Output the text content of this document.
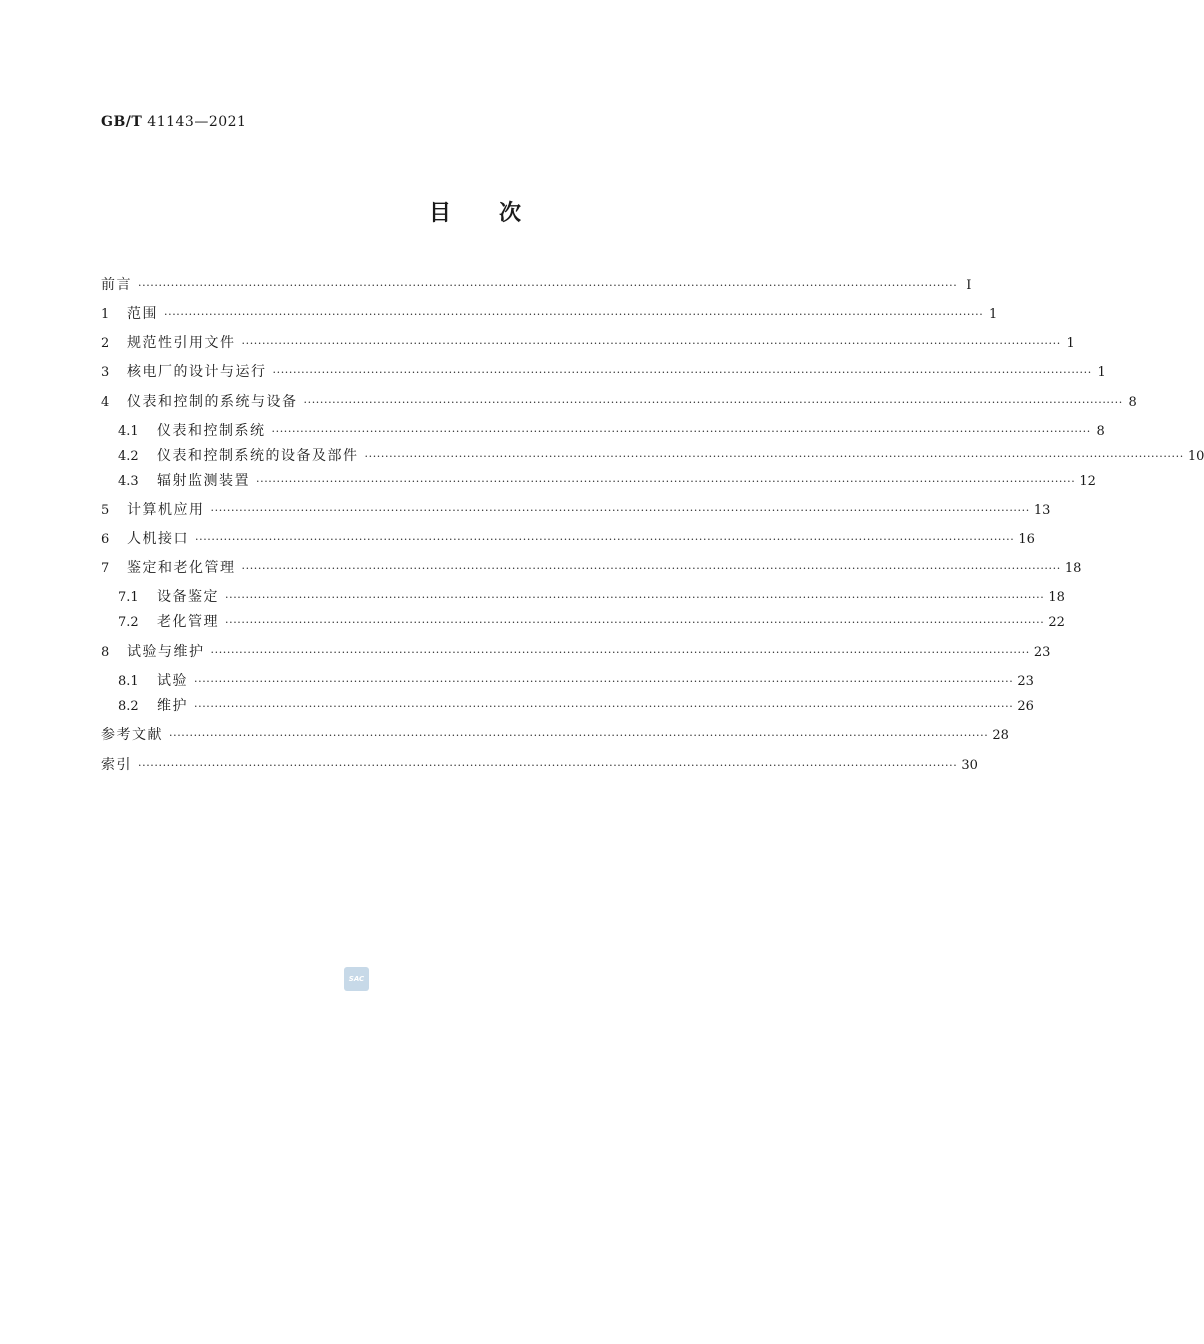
GB/T 41143—2021
目次
前言 ········································································································································································································ Ⅰ
1	范围 ········································································································································································································ 1
2	规范性引用文件 ········································································································································································································ 1
3	核电厂的设计与运行 ········································································································································································································ 1
4	仪表和控制的系统与设备 ········································································································································································································ 8
4.1	仪表和控制系统 ········································································································································································································ 8
4.2	仪表和控制系统的设备及部件 ········································································································································································································ 10
4.3	辐射监测装置 ········································································································································································································ 12
5	计算机应用 ········································································································································································································ 13
6	人机接口 ········································································································································································································ 16
7	鉴定和老化管理 ········································································································································································································ 18
7.1	设备鉴定 ········································································································································································································ 18
7.2	老化管理 ········································································································································································································ 22
8	试验与维护 ········································································································································································································ 23
8.1	试验 ········································································································································································································ 23
8.2	维护 ········································································································································································································ 26
参考文献 ········································································································································································································ 28
索引 ········································································································································································································ 30
SAC
